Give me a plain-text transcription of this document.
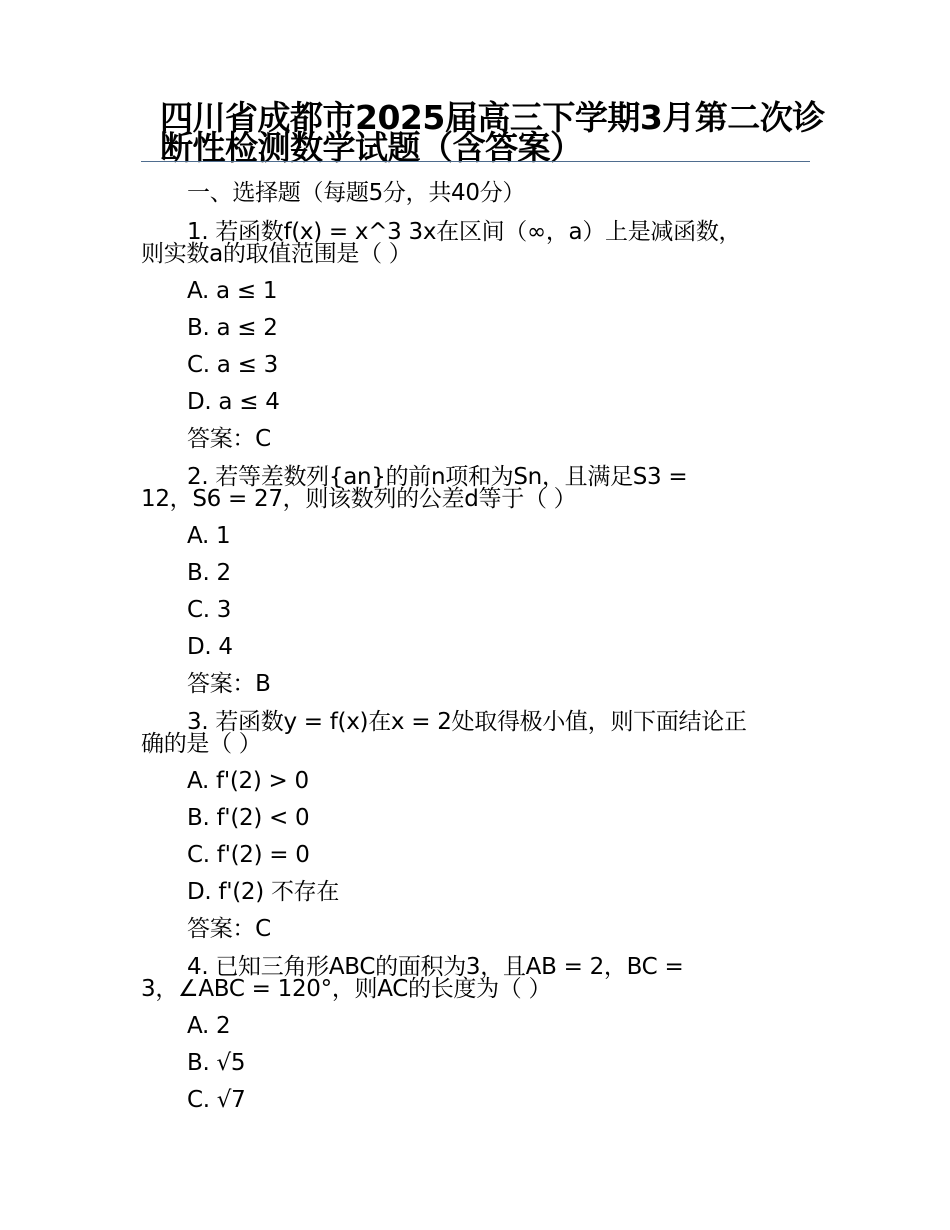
四川省成都市2025届高三下学期3月第二次诊断性检测数学试题（含答案）
一、选择题（每题5分，共40分）
1. 若函数f(x) = x^3 3x在区间（∞，a）上是减函数，
则实数a的取值范围是（ ）
A. a ≤ 1
B. a ≤ 2
C. a ≤ 3
D. a ≤ 4
答案：C
2. 若等差数列{an}的前n项和为Sn，且满足S3 =
12，S6 = 27，则该数列的公差d等于（ ）
A. 1
B. 2
C. 3
D. 4
答案：B
3. 若函数y = f(x)在x = 2处取得极小值，则下面结论正
确的是（ ）
A. f'(2) > 0
B. f'(2) < 0
C. f'(2) = 0
D. f'(2) 不存在
答案：C
4. 已知三角形ABC的面积为3，且AB = 2，BC =
3，∠ABC = 120°，则AC的长度为（ ）
A. 2
B. √5
C. √7
